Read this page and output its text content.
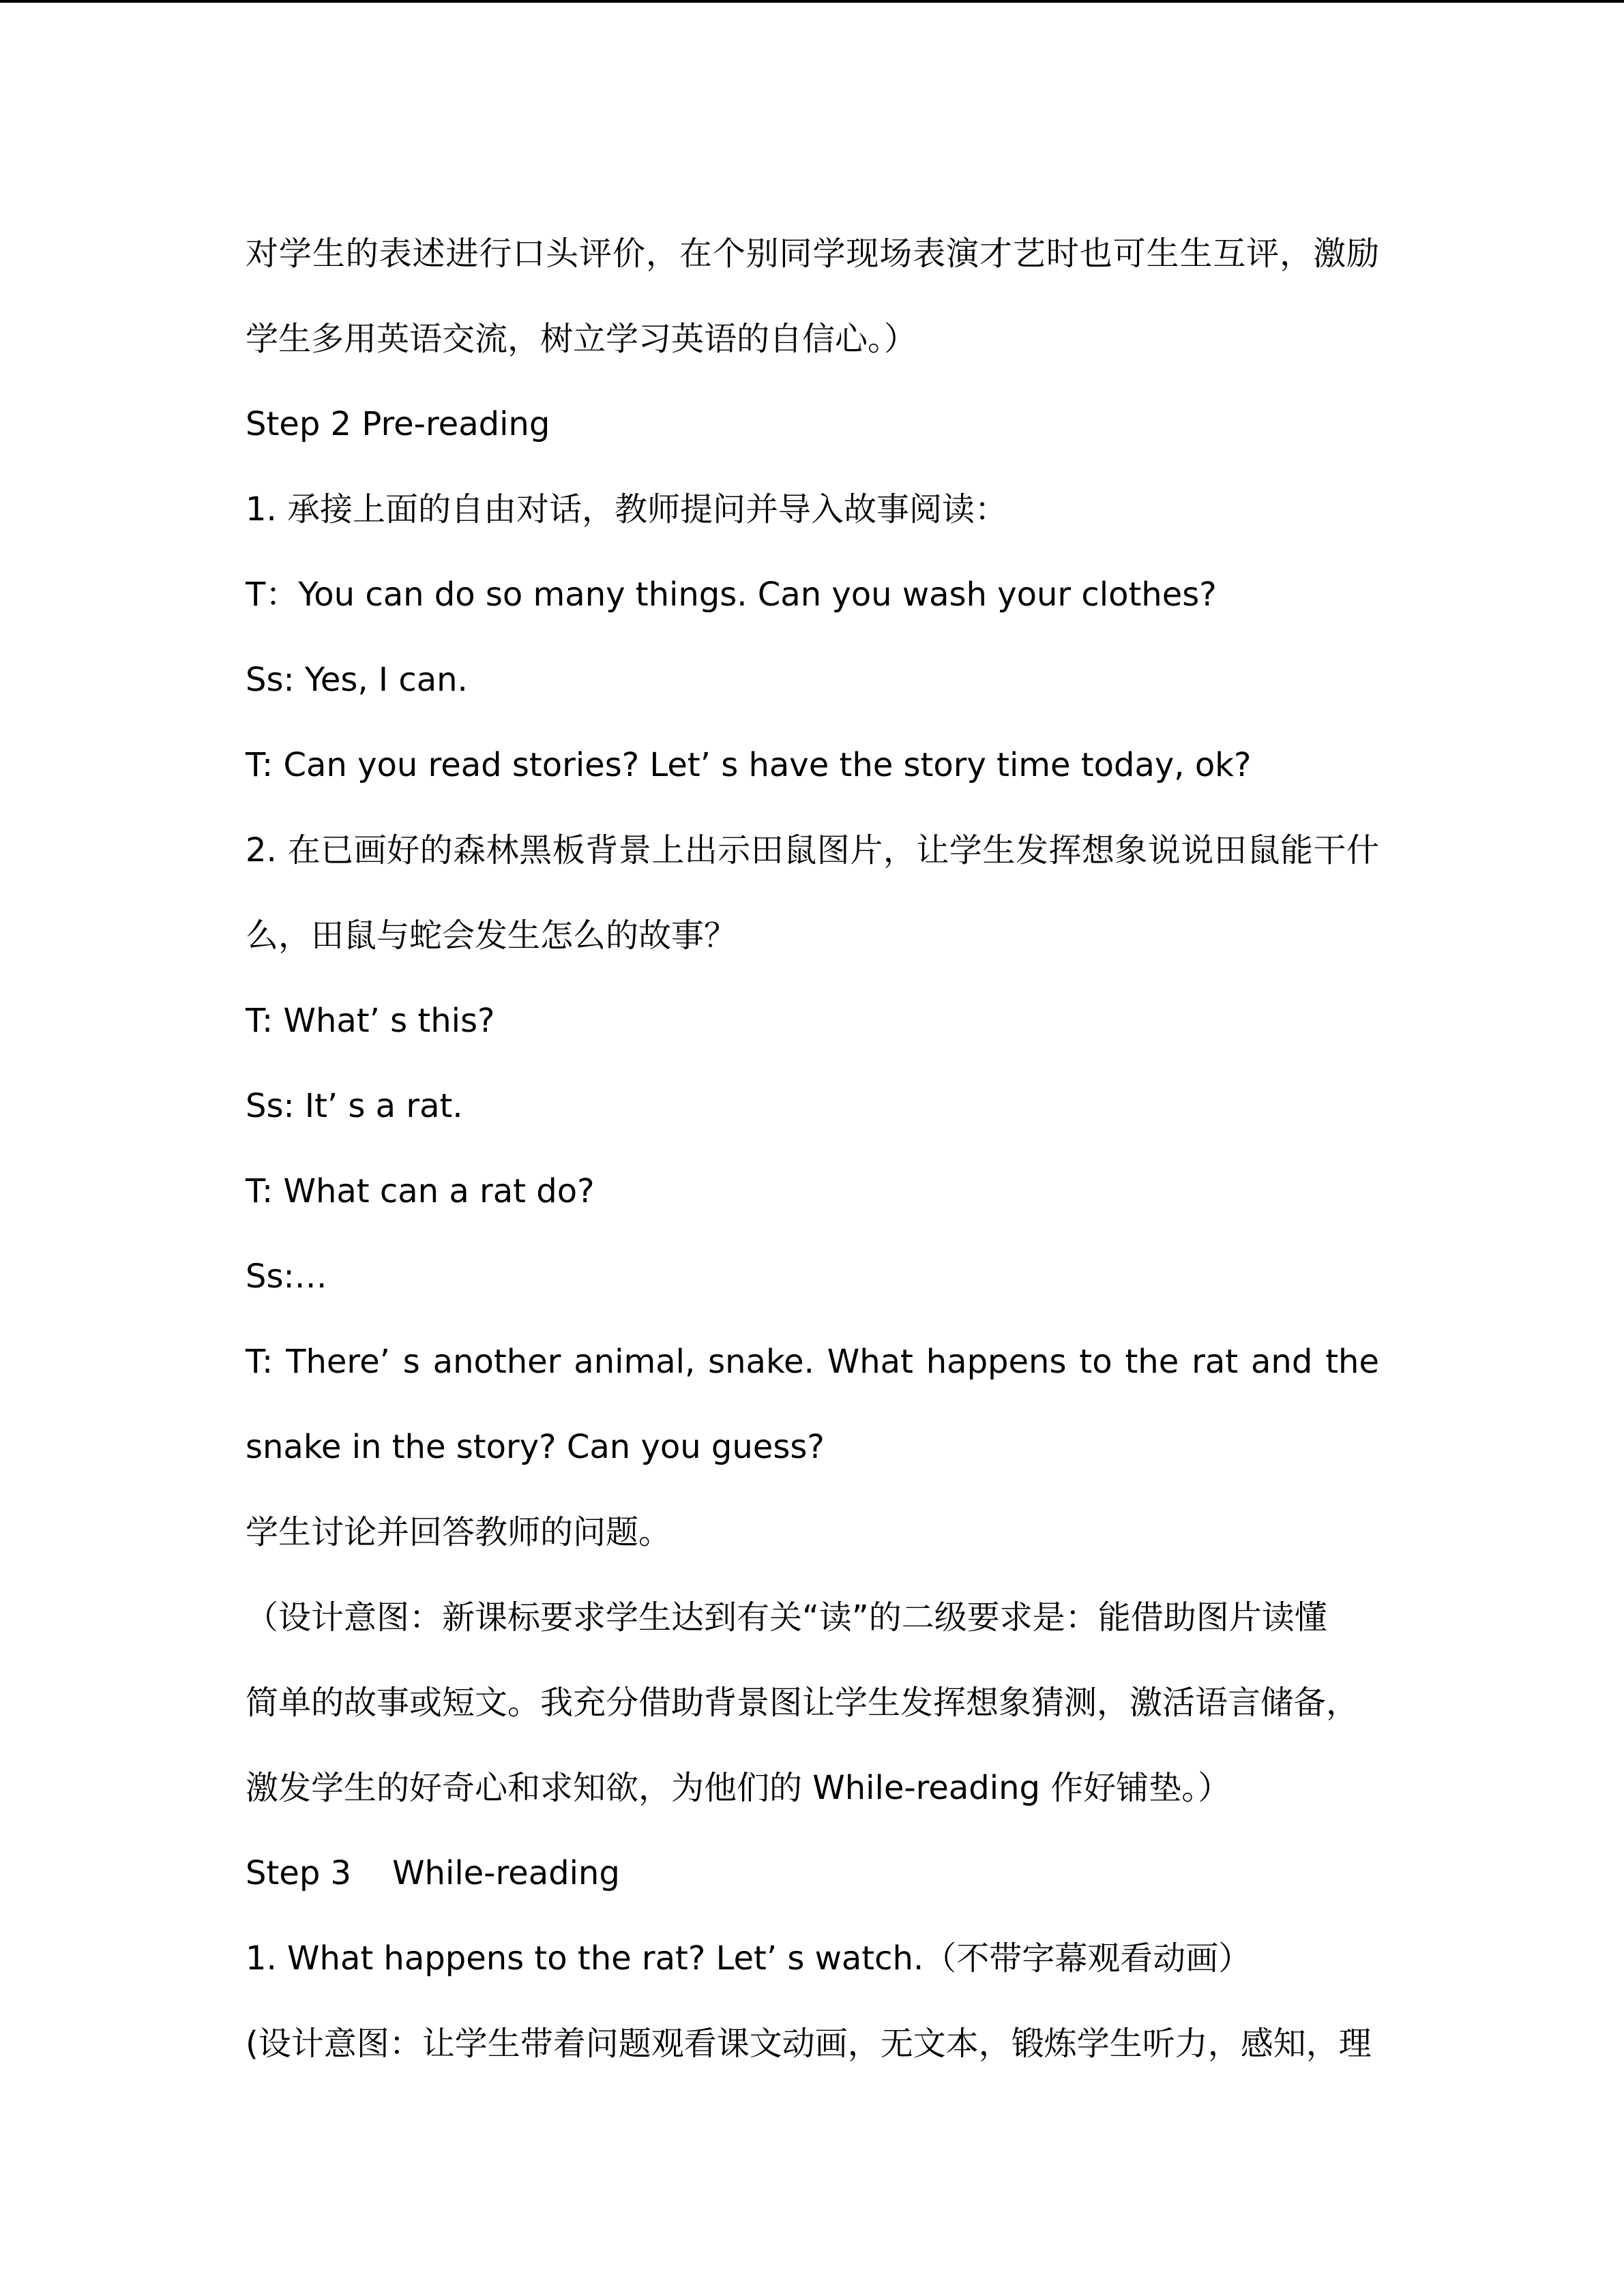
对学生的表述进行口头评价，在个别同学现场表演才艺时也可生生互评，激励
学生多用英语交流，树立学习英语的自信心。）
Step 2 Pre-reading
1. 承接上面的自由对话，教师提问并导入故事阅读：
T：You can do so many things. Can you wash your clothes?
Ss: Yes, I can.
T: Can you read stories? Let’ s have the story time today, ok?
2. 在已画好的森林黑板背景上出示田鼠图片，让学生发挥想象说说田鼠能干什
么，田鼠与蛇会发生怎么的故事？
T: What’ s this?
Ss: It’ s a rat.
T: What can a rat do?
Ss:…
T: There’ s another animal, snake. What happens to the rat and the
snake in the story? Can you guess?
学生讨论并回答教师的问题。
（设计意图：新课标要求学生达到有关“读”的二级要求是：能借助图片读懂
简单的故事或短文。我充分借助背景图让学生发挥想象猜测，激活语言储备，
激发学生的好奇心和求知欲，为他们的 While-reading 作好铺垫。）
Step 3 While-reading
1. What happens to the rat? Let’ s watch.（不带字幕观看动画）
(设计意图：让学生带着问题观看课文动画，无文本，锻炼学生听力，感知，理
